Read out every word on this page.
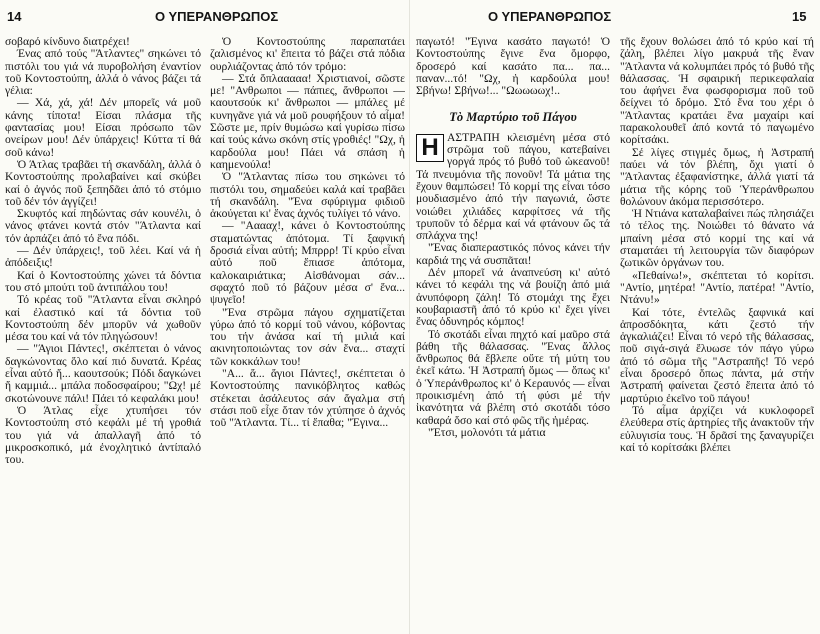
14	Ο ΥΠΕΡΑΝΘΡΩΠΟΣ

σοβαρό κίνδυνο διατρέχει!

Ένας από τούς "Άτλαντες" σηκώνει τό πιστόλι του γιά νά πυροβολήση έναντίον τοῦ Κοντοστούπη, ἀλλά ὁ νάνος βάζει τά γέλια:

— Χά, χά, χά! Δέν μπορεῖς νά μοῦ κάνης τίποτα! Είσαι πλάσμα τῆς φαντασίας μου! Είσαι πρόσωπο τῶν ονείρων μου! Δέν ὑπάρχεις! Κύττα τί θά σοῦ κάνω!

Ὁ Άτλας τραβᾶει τή σκανδάλη, ἀλλά ὁ Κοντοστούπης προλαβαίνει καί σκύβει καί ὁ ἀγνός ποῦ ξεπηδᾶει ἀπό τό στόμιο τοῦ δέν τόν ἀγγίζει!

Σκυφτός καί πηδώντας σάν κουνέλι, ὁ νάνος φτάνει κοντά στόν "Άτλαντα καί τόν ἁρπάζει ἀπό τό ἕνα πόδι.

— Δέν ὑπάρχεις!, τοῦ λέει. Καί νά ἡ ἀπόδειξις!

Καί ὁ Κοντοστούπης χώνει τά δόντια του στό μπούτι τοῦ ἀντιπάλου του!

Τό κρέας τοῦ "Άτλαντα εἶναι σκληρό καί ἐλαστικό καί τά δόντια τοῦ Κοντοστούπη δέν μπορῦν νά χωθοῦν μέσα του καί νά τόν πληγώσουν!

— "Άγιοι Πάντες!, σκέπτεται ὁ νάνος δαγκώνοντας ὅλο καί πιό δυνατά. Κρέας εἶναι αὐτό ἤ... καουτσούκ; Πόδι δαγκώνει ἤ καμμιά... μπάλα ποδοσφαίρου; "Ωχ! μέ σκοτώνουνε πάλι! Πάει τό κεφαλάκι μου!

Ὁ Άτλας εἶχε χτυπήσει τόν Κοντοστούπη στό κεφάλι μέ τή γροθιά του γιά νά ἀπαλλαγῆ ἀπό τό μικροσκοπικό, μά ἐνοχλητικό ἀντίπαλό του.

Ὁ Κοντοστούπης παραπατάει ζαλισμένος κι' ἔπειτα τό βάζει στά πόδια ουρλιάζοντας ἀπό τόν τρόμο:

— Στά ὅπλααααα! Χριστιανοί, σῶστε με! "Ανθρωποι — πάπιες, ἄνθρωποι — καουτσούκ κι' ἄνθρωποι — μπάλες μέ κυνηγᾶνε γιά νά μοῦ ρουφήξουν τό αἷμα! Σῶστε με, πρίν θυμώσω καί γυρίσω πίσω καί τούς κάνω σκόνη στίς γροθιές! "Ωχ, ἡ καρδούλα μου! Πάει νά σπάση ἡ καημενούλα!

Ὁ "Άτλαντας πίσω του σηκώνει τό πιστόλι του, σημαδεύει καλά καί τραβᾶει τή σκανδάλη. "Ένα σφύριγμα φιδιοῦ ἀκούγεται κι' ἕνας ἀχνός τυλίγει τό νάνο.

— "Ααααχ!, κάνει ὁ Κοντοστούπης σταματώντας ἀπότομα. Τί ξαφνική δροσιά εἶναι αὐτή; Μπρρρ! Τί κρύο εἶναι αὐτό ποῦ ἔπιασε ἀπότομα, καλοκαιριάτικα; Αἰσθάνομαι σάν... σφαχτό ποῦ τό βάζουν μέσα σ' ἕνα... ψυγεῖο!

"Ένα στρῶμα πάγου σχηματίζεται γύρω ἀπό τό κορμί τοῦ νάνου, κόβοντας του τήν ἀνάσα καί τή μιλιά καί ακινητοποιώντας τον σάν ἕνα... σταχτί τῶν κοκκάλων του!

"Α... ἄ... ἄγιοι Πάντες!, σκέπτεται ὁ Κοντοστούπης πανικόβλητος καθώς στέκεται ἀσάλευτος σάν ἄγαλμα στή στάσι ποῦ εἶχε ὅταν τόν χτύπησε ὁ ἀχνός τοῦ "Άτλαντα. Τί... τί ἔπαθα; "Έγινα...

Ο ΥΠΕΡΑΝΘΡΩΠΟΣ	15

παγωτό! "Έγινα κασάτο παγωτό! Ὁ Κοντοστούπης ἔγινε ἕνα ὄμορφο, δροσερό καί κασάτο πα... πα... παναν...τό! "Ωχ, ἡ καρδούλα μου! Σβήνω! Σβήνω!... "Ωωωωωχ!..

Τὸ Μαρτύριο τοῦ Πάγου

Η ΑΣΤΡΑΠΗ κλεισμένη μέσα στό στρῶμα τοῦ πάγου, κατεβαίνει γοργά πρός τό βυθό τοῦ ὠκεανοῦ! Τά πνευμόνια τῆς πονοῦν! Τά μάτια της ἔχουν θαμπώσει! Τό κορμί της εἶναι τόσο μουδιασμένο ἀπό τήν παγωνιά, ὥστε νοιώθει χιλιάδες καρφίτσες νά τῆς τρυποῦν τό δέρμα καί νά φτάνουν ὥς τά σπλάχνα της!

"Ένας διαπεραστικός πόνος κάνει τήν καρδιά της νά συσπᾶται!

Δέν μπορεῖ νά ἀναπνεύση κι' αὐτό κάνει τό κεφάλι της νά βουίζη ἀπό μιά ἀνυπόφορη ζάλη! Τό στομάχι της ἔχει κουβαριαστῆ ἀπό τό κρύο κι' ἔχει γίνει ἕνας ὀδυνηρός κόμπος!

Τό σκοτάδι εἶναι πηχτό καί μαῦρο στά βάθη τῆς θάλασσας. "Ένας ἄλλος ἄνθρωπος θά ἔβλεπε οὔτε τή μύτη του ἐκεῖ κάτω. Ἡ Ἀστραπή ὅμως — ὅπως κι' ὁ Ὑπεράνθρωπος κι' ὁ Κεραυνός — εἶναι προικισμένη ἀπό τή φύσι μέ τήν ἱκανότητα νά βλέπη στό σκοτάδι τόσο καθαρά ὅσο καί στό φῶς τῆς ἡμέρας.

"Έτσι, μολονότι τά μάτια

τῆς ἔχουν θολώσει ἀπό τό κρύο καί τή ζάλη, βλέπει λίγο μακρυά τῆς ἕναν "Άτλαντα νά κολυμπάει πρός τό βυθό τῆς θάλασσας. Ἡ σφαιρική περικεφαλαία του ἀφήνει ἕνα φωσφορισμα ποῦ τοῦ δείχνει τό δρόμο. Στό ἕνα του χέρι ὁ "Άτλαντας κρατάει ἕνα μαχαίρι καί παρακολουθεῖ ἀπό κοντά τό παγωμένο κορίτσάκι.

Σέ λίγες στιγμές ὅμως, ἡ Ἀστραπή παύει νά τόν βλέπη, ὄχι γιατί ὁ "Άτλαντας ἐξαφανίστηκε, ἀλλά γιατί τά μάτια τῆς κόρης τοῦ Ὑπεράνθρωπου θολώνουν ἀκόμα περισσότερο.

Ἡ Ντιάνα καταλαβαίνει πώς πλησιάζει τό τέλος της. Νοιώθει τό θάνατο νά μπαίνη μέσα στό κορμί της καί νά σταματάει τή λειτουργία τῶν διαφόρων ζωτικῶν ὀργάνων του.

«Πεθαίνω!», σκέπτεται τό κορίτσι. "Αντίο, μητέρα! "Αντίο, πατέρα! "Αντίο, Ντάνυ!»

Καί τότε, ἐντελῶς ξαφνικά καί ἀπροσδόκητα, κάτι ζεστό τήν ἀγκαλιάζει! Εἶναι τό νερό τῆς θάλασσας, ποῦ σιγά-σιγά ἔλυωσε τόν πάγο γύρω ἀπό τό σῶμα τῆς "Αστραπῆς! Τό νερό εἶναι δροσερό ὅπως πάντα, μά στήν Ἀστραπή φαίνεται ζεστό ἔπειτα ἀπό τό μαρτύριο ἐκεῖνο τοῦ πάγου!

Τό αἷμα ἀρχίζει νά κυκλοφορεῖ ἐλεύθερα στίς ἀρτηρίες τῆς ἀνακτοῦν τήν εὐλυγισία τους. Ἡ δρᾶσί της ξαναγυρίζει καί τό κορίτσάκι βλέπει
